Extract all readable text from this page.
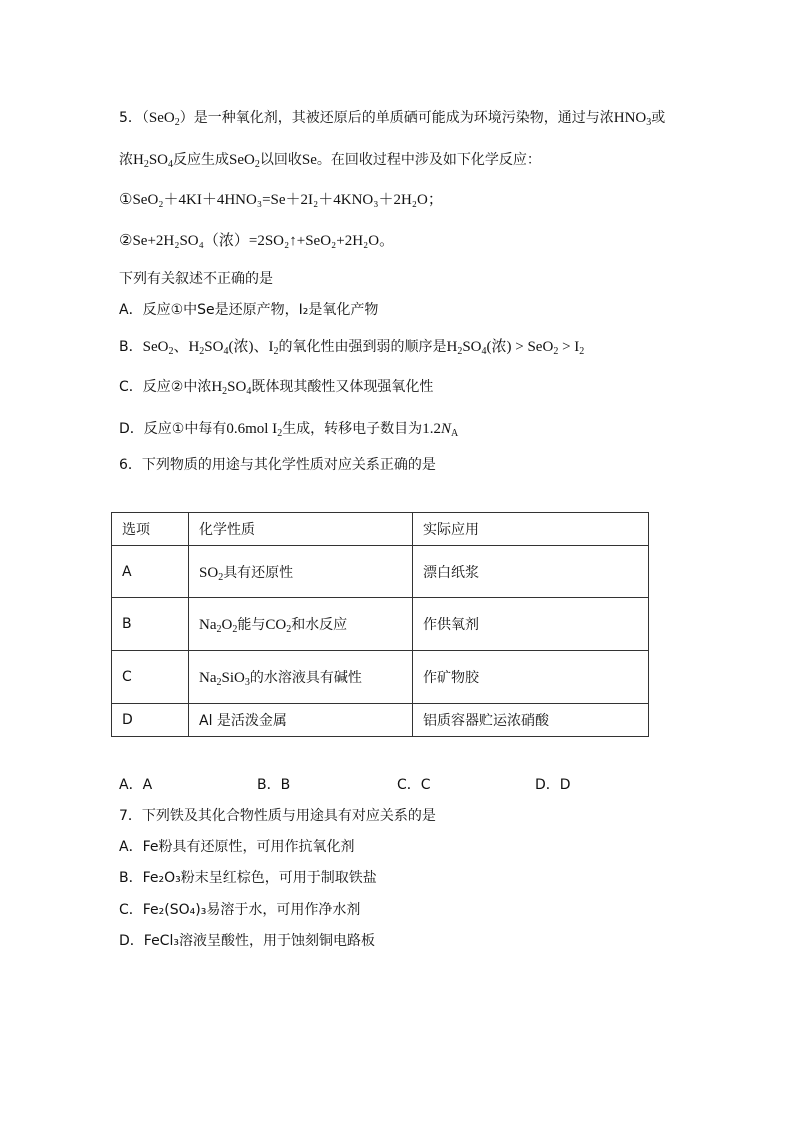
5．（SeO$_2$）是一种氧化剂，其被还原后的单质硒可能成为环境污染物，通过与浓$HNO_3$或
浓$H_2SO_4$反应生成SeO$_2$以回收Se。在回收过程中涉及如下化学反应：
①SeO₂＋4KI＋4HNO₃=Se＋2I₂＋4KNO₃＋2H₂O；
②Se+2H₂SO₄（浓）=2SO₂↑+SeO₂+2H₂O。
下列有关叙述不正确的是
A．反应①中Se是还原产物，I₂是氧化产物
B．SeO$_2$、$H_2SO_4$(浓)、$I_2$的氧化性由强到弱的顺序是$H_2SO_4$(浓) > $SeO_2 > I_2$
C．反应②中浓$H_2SO_4$既体现其酸性又体现强氧化性
D．反应①中每有0.6mol $I_2$生成，转移电子数目为$1.2N_A$
6．下列物质的用途与其化学性质对应关系正确的是
选项	化学性质	实际应用
A	$SO_2$具有还原性	漂白纸浆
B	$Na_2O_2$能与$CO_2$和水反应	作供氧剂
C	$Na_2SiO_3$的水溶液具有碱性	作矿物胶
D	Al 是活泼金属	铝质容器贮运浓硝酸
A．A	B．B	C．C	D．D
7．下列铁及其化合物性质与用途具有对应关系的是
A．Fe粉具有还原性，可用作抗氧化剂
B．Fe₂O₃粉末呈红棕色，可用于制取铁盐
C．Fe₂(SO₄)₃易溶于水，可用作净水剂
D．FeCl₃溶液呈酸性，用于蚀刻铜电路板
